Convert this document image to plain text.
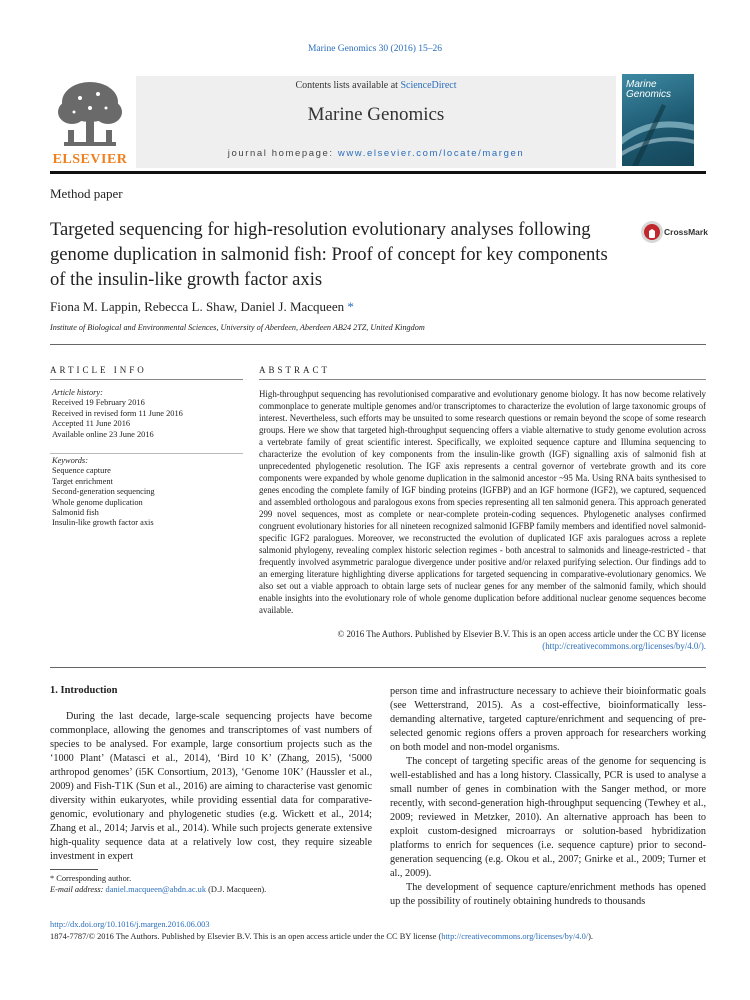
Marine Genomics 30 (2016) 15–26
Contents lists available at ScienceDirect
Marine Genomics
journal homepage: www.elsevier.com/locate/margen
ELSEVIER
Marine Genomics
Method paper
Targeted sequencing for high-resolution evolutionary analyses following genome duplication in salmonid fish: Proof of concept for key components of the insulin-like growth factor axis
CrossMark
Fiona M. Lappin, Rebecca L. Shaw, Daniel J. Macqueen *
Institute of Biological and Environmental Sciences, University of Aberdeen, Aberdeen AB24 2TZ, United Kingdom
ARTICLE INFO	ABSTRACT
Article history:
Received 19 February 2016
Received in revised form 11 June 2016
Accepted 11 June 2016
Available online 23 June 2016
Keywords:
Sequence capture
Target enrichment
Second-generation sequencing
Whole genome duplication
Salmonid fish
Insulin-like growth factor axis
High-throughput sequencing has revolutionised comparative and evolutionary genome biology. It has now become relatively commonplace to generate multiple genomes and/or transcriptomes to characterize the evolution of large taxonomic groups of interest. Nevertheless, such efforts may be unsuited to some research questions or remain beyond the scope of some research groups. Here we show that targeted high-throughput sequencing offers a viable alternative to study genome evolution across a vertebrate family of great scientific interest. Specifically, we exploited sequence capture and Illumina sequencing to characterize the evolution of key components from the insulin-like growth (IGF) signalling axis of salmonid fish at unprecedented phylogenetic resolution. The IGF axis represents a central governor of vertebrate growth and its core components were expanded by whole genome duplication in the salmonid ancestor ~95 Ma. Using RNA baits synthesised to genes encoding the complete family of IGF binding proteins (IGFBP) and an IGF hormone (IGF2), we captured, sequenced and assembled orthologous and paralogous exons from species representing all ten salmonid genera. This approach generated 299 novel sequences, most as complete or near-complete protein-coding sequences. Phylogenetic analyses confirmed congruent evolutionary histories for all nineteen recognized salmonid IGFBP family members and identified novel salmonid-specific IGF2 paralogues. Moreover, we reconstructed the evolution of duplicated IGF axis paralogues across a replete salmonid phylogeny, revealing complex historic selection regimes - both ancestral to salmonids and lineage-restricted - that frequently involved asymmetric paralogue divergence under positive and/or relaxed purifying selection. Our findings add to an emerging literature highlighting diverse applications for targeted sequencing in comparative-evolutionary genomics. We also set out a viable approach to obtain large sets of nuclear genes for any member of the salmonid family, which should enable insights into the evolutionary role of whole genome duplication before additional nuclear genome sequences become available.
© 2016 The Authors. Published by Elsevier B.V. This is an open access article under the CC BY license
(http://creativecommons.org/licenses/by/4.0/).
1. Introduction

During the last decade, large-scale sequencing projects have become commonplace, allowing the genomes and transcriptomes of vast numbers of species to be analysed. For example, large consortium projects such as the ‘1000 Plant’ (Matasci et al., 2014), ‘Bird 10 K’ (Zhang, 2015), ‘5000 arthropod genomes’ (i5K Consortium, 2013), ‘Genome 10K’ (Haussler et al., 2009) and Fish-T1K (Sun et al., 2016) are aiming to characterise vast genomic diversity within eukaryotes, while providing essential data for comparative-genomic, evolutionary and phylogenetic studies (e.g. Wickett et al., 2014; Zhang et al., 2014; Jarvis et al., 2014). While such projects generate extensive high-quality sequence data at a relatively low cost, they require sizeable investment in expert

person time and infrastructure necessary to achieve their bioinformatic goals (see Wetterstrand, 2015). As a cost-effective, bioinformatically less-demanding alternative, targeted capture/enrichment and sequencing of pre-selected genomic regions offers a proven approach for researchers working on both model and non-model organisms.

The concept of targeting specific areas of the genome for sequencing is well-established and has a long history. Classically, PCR is used to analyse a small number of genes in combination with the Sanger method, or more recently, with second-generation high-throughput sequencing (Tewhey et al., 2009; reviewed in Metzker, 2010). An alternative approach has been to exploit custom-designed microarrays or solution-based hybridization platforms to enrich for sequences (i.e. sequence capture) prior to second-generation sequencing (e.g. Okou et al., 2007; Gnirke et al., 2009; Turner et al., 2009).

The development of sequence capture/enrichment methods has opened up the possibility of routinely obtaining hundreds to thousands

* Corresponding author.
E-mail address: daniel.macqueen@abdn.ac.uk (D.J. Macqueen).
http://dx.doi.org/10.1016/j.margen.2016.06.003
1874-7787/© 2016 The Authors. Published by Elsevier B.V. This is an open access article under the CC BY license (http://creativecommons.org/licenses/by/4.0/).
